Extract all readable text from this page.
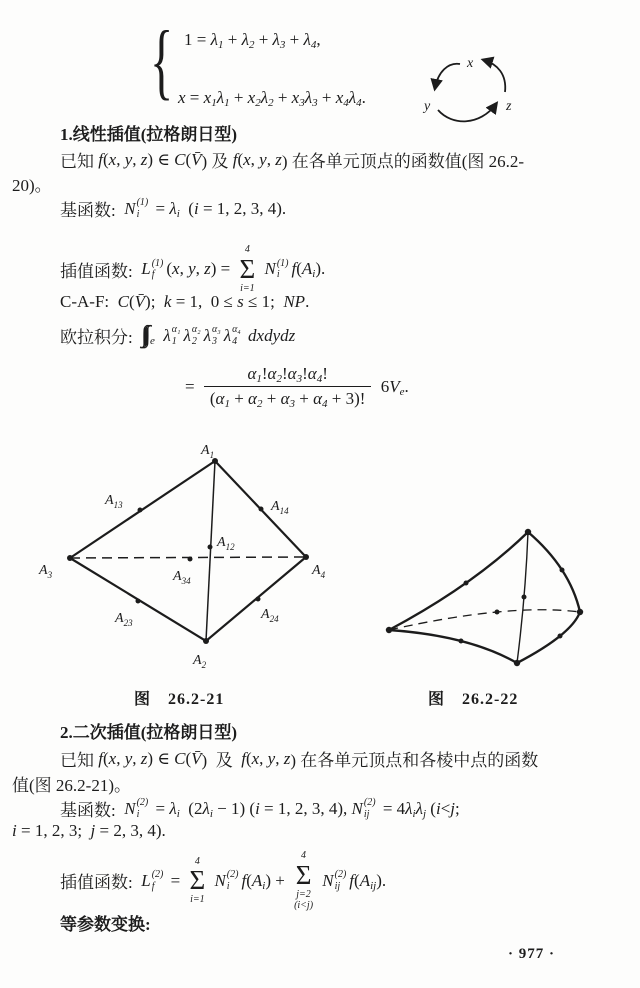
{ 1 = λ 1 + λ 2 + λ 3 + λ 4 ,
x = x 1 λ 1 + x 2 λ 2 + x 3 λ 3 + x 4 λ 4 .
x
y	z
1.线性插值(拉格朗日型)
已知 f ( x , y , z ) ∈ C ( V̄ ) 及 f ( x , y , z ) 在各单元顶点的函数值(图 26.2-
20)。
基函数: N (1)
i = λ i ( i = 1, 2, 3, 4).
插值函数: L (1)
f ( x , y , z ) =
4
Σ
i=1

N (1)
i f ( A i ).
C-A-F: C ( V̄ ); k = 1,  0 ≤ s ≤ 1; NP .
欧拉积分: ∫∫∫ e
λ α₁
1 λ α₂
2 λ α₃
3 λ α₄
4 dxdydz
= $\frac{\alpha 1 ! \alpha 2 ! \alpha 3 ! \alpha 4 !}{( \alpha 1 + \alpha 2 + \alpha 3 + \alpha 4 + 3)!} 6$ V e .
$A_1$
$A_{13}$	$A_{14}$
$A_{12}$
$A_{34}$
$A_3$	$A_4$
$A_{23}$
$A_{24}$
$A_2$
图　26.2-21	图　26.2-22
2.二次插值(拉格朗日型)
已知 f ( x , y , z ) ∈ C ( V̄ )  及 f ( x , y , z ) 在各单元顶点和各棱中点的函数
值(图 26.2-21)。
基函数: N (2)
i = λ i (2 λ i − 1) ( i = 1, 2, 3, 4), N (2)
ij = 4 λ i λ j ( i < j ;
i = 1, 2, 3; j = 2, 3, 4).
插值函数: L (2)
f =
4
Σ
i=1

N (2)
i f ( A i ) +
4
Σ
j=2
(i<j)

N (2)
ij f ( A ij ).
等参数变换:
· 977 ·
